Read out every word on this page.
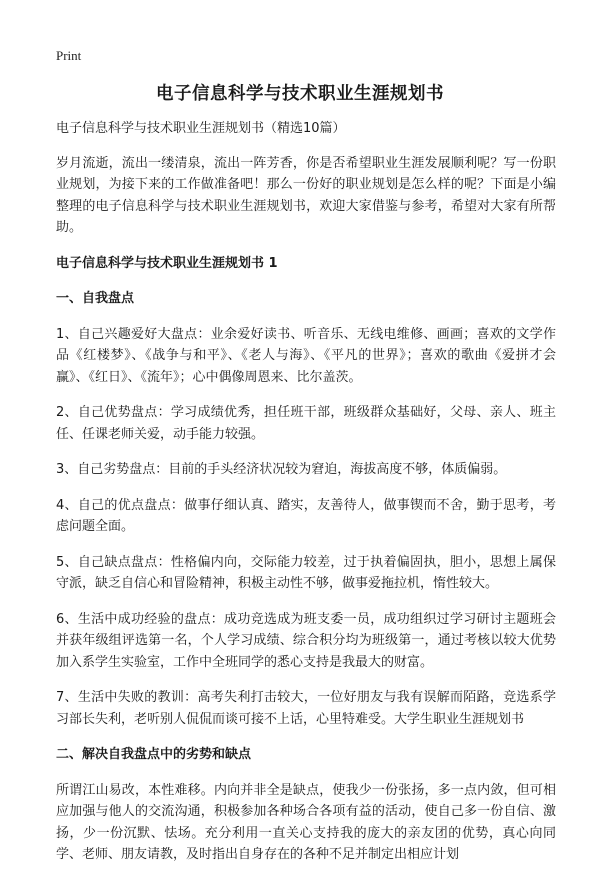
Print
电子信息科学与技术职业生涯规划书

电子信息科学与技术职业生涯规划书（精选10篇）

岁月流逝，流出一缕清泉，流出一阵芳香，你是否希望职业生涯发展顺利呢？写一份职业规划，为接下来的工作做准备吧！那么一份好的职业规划是怎么样的呢？下面是小编整理的电子信息科学与技术职业生涯规划书，欢迎大家借鉴与参考，希望对大家有所帮助。

电子信息科学与技术职业生涯规划书 1

一、自我盘点

1、自己兴趣爱好大盘点：业余爱好读书、听音乐、无线电维修、画画；喜欢的文学作品《红楼梦》、《战争与和平》、《老人与海》、《平凡的世界》；喜欢的歌曲《爱拼才会赢》、《红日》、《流年》；心中偶像周恩来、比尔盖茨。

2、自己优势盘点：学习成绩优秀，担任班干部，班级群众基础好，父母、亲人、班主任、任课老师关爱，动手能力较强。

3、自己劣势盘点：目前的手头经济状况较为窘迫，海拔高度不够，体质偏弱。

4、自己的优点盘点：做事仔细认真、踏实，友善待人，做事锲而不舍，勤于思考，考虑问题全面。

5、自己缺点盘点：性格偏内向，交际能力较差，过于执着偏固执，胆小，思想上属保守派，缺乏自信心和冒险精神，积极主动性不够，做事爱拖拉机，惰性较大。

6、生活中成功经验的盘点：成功竞选成为班支委一员，成功组织过学习研讨主题班会并获年级组评选第一名，个人学习成绩、综合积分均为班级第一，通过考核以较大优势加入系学生实验室，工作中全班同学的悉心支持是我最大的财富。

7、生活中失败的教训：高考失利打击较大，一位好朋友与我有误解而陌路，竞选系学习部长失利，老听别人侃侃而谈可接不上话，心里特难受。大学生职业生涯规划书

二、解决自我盘点中的劣势和缺点

所谓江山易改，本性难移。内向并非全是缺点，使我少一份张扬，多一点内敛，但可相应加强与他人的交流沟通，积极参加各种场合各项有益的活动，使自己多一份自信、激扬，少一份沉默、怯场。充分利用一直关心支持我的庞大的亲友团的优势，真心向同学、老师、朋友请教，及时指出自身存在的各种不足并制定出相应计划
